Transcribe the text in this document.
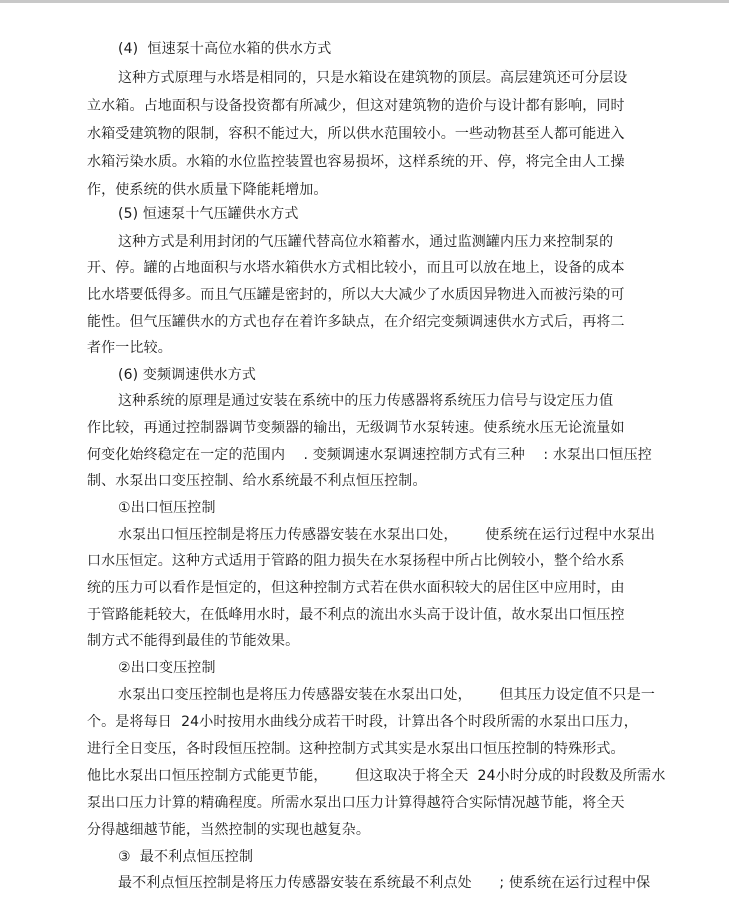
(4)  恒速泵十高位水箱的供水方式

这种方式原理与水塔是相同的，只是水箱设在建筑物的顶层。高层建筑还可分层设

立水箱。占地面积与设备投资都有所减少，但这对建筑物的造价与设计都有影响，同时

水箱受建筑物的限制，容积不能过大，所以供水范围较小。一些动物甚至人都可能进入

水箱污染水质。水箱的水位监控装置也容易损坏，这样系统的开、停，将完全由人工操

作，使系统的供水质量下降能耗增加。

(5) 恒速泵十气压罐供水方式

这种方式是利用封闭的气压罐代替高位水箱蓄水，通过监测罐内压力来控制泵的

开、停。罐的占地面积与水塔水箱供水方式相比较小，而且可以放在地上，设备的成本

比水塔要低得多。而且气压罐是密封的，所以大大减少了水质因异物进入而被污染的可

能性。但气压罐供水的方式也存在着许多缺点，在介绍完变频调速供水方式后，再将二

者作一比较。

(6) 变频调速供水方式

这种系统的原理是通过安装在系统中的压力传感器将系统压力信号与设定压力值

作比较，再通过控制器调节变频器的输出，无级调节水泵转速。使系统水压无论流量如

何变化始终稳定在一定的范围内    . 变频调速水泵调速控制方式有三种    : 水泵出口恒压控

制、水泵出口变压控制、给水系统最不利点恒压控制。

①出口恒压控制

水泵出口恒压控制是将压力传感器安装在水泵出口处，      使系统在运行过程中水泵出

口水压恒定。这种方式适用于管路的阻力损失在水泵扬程中所占比例较小，整个给水系

统的压力可以看作是恒定的，但这种控制方式若在供水面积较大的居住区中应用时，由

于管路能耗较大，在低峰用水时，最不利点的流出水头高于设计值，故水泵出口恒压控

制方式不能得到最佳的节能效果。

②出口变压控制

水泵出口变压控制也是将压力传感器安装在水泵出口处，      但其压力设定值不只是一

个。是将每日  24小时按用水曲线分成若干时段，计算出各个时段所需的水泵出口压力，

进行全日变压，各时段恒压控制。这种控制方式其实是水泵出口恒压控制的特殊形式。

他比水泵出口恒压控制方式能更节能，      但这取决于将全天  24小时分成的时段数及所需水

泵出口压力计算的精确程度。所需水泵出口压力计算得越符合实际情况越节能，将全天

分得越细越节能，当然控制的实现也越复杂。

③  最不利点恒压控制

最不利点恒压控制是将压力传感器安装在系统最不利点处      ; 使系统在运行过程中保
